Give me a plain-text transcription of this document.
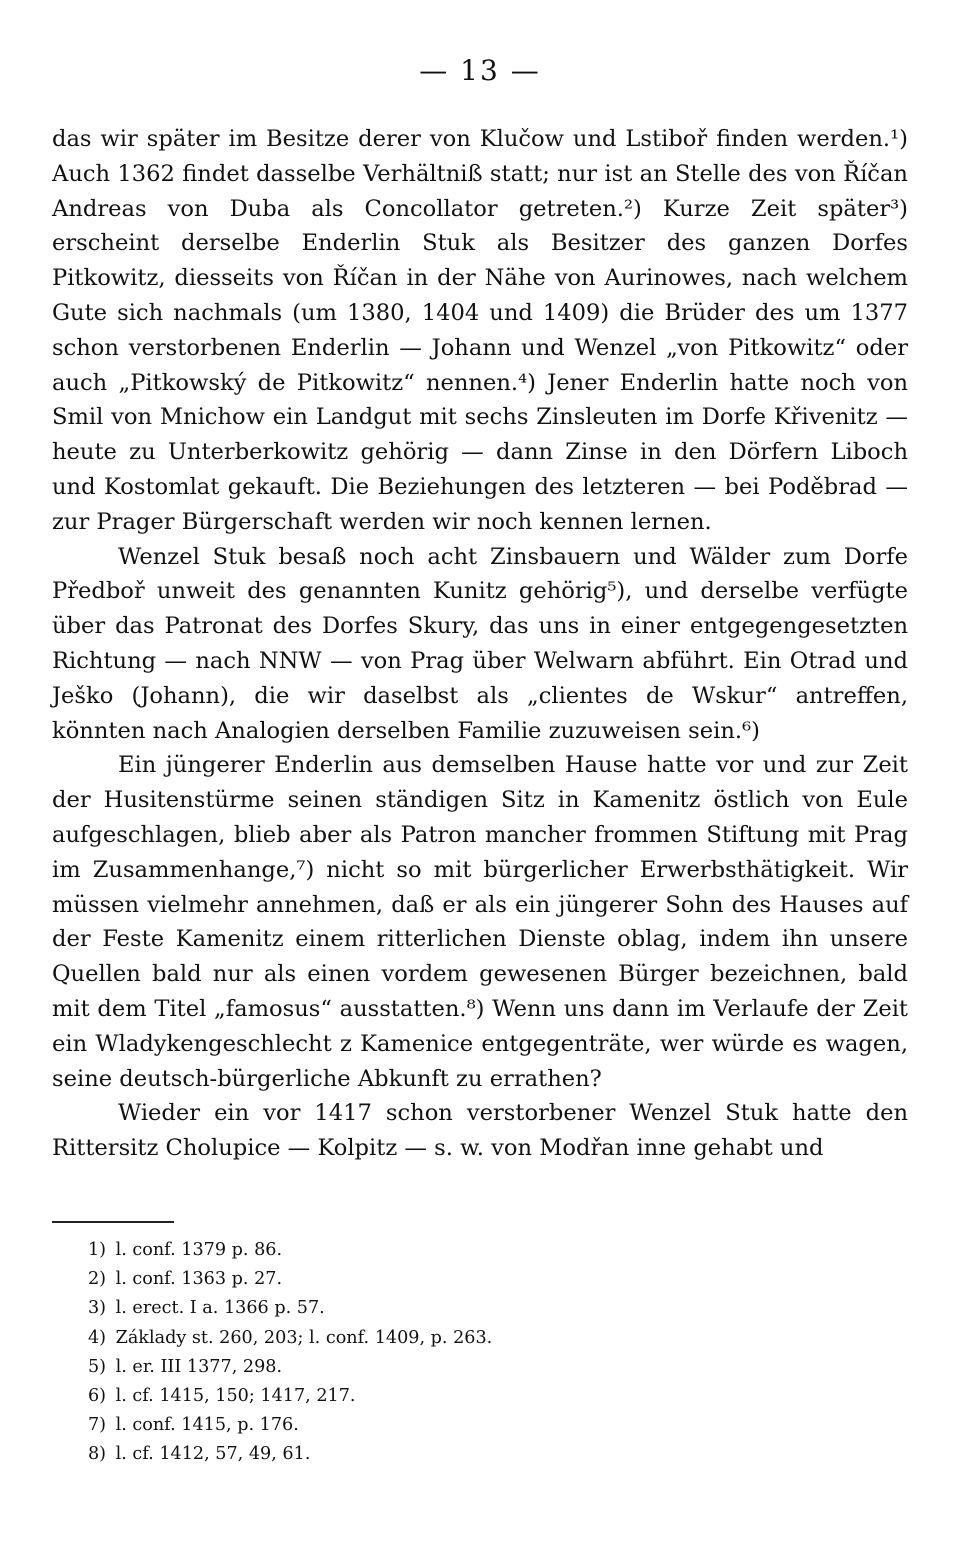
— 13 —

das wir später im Besitze derer von Klučow und Lstiboř finden werden.¹) Auch 1362 findet dasselbe Verhältniß statt; nur ist an Stelle des von Říčan Andreas von Duba als Concollator getreten.²) Kurze Zeit später³) erscheint derselbe Enderlin Stuk als Besitzer des ganzen Dorfes Pitkowitz, diesseits von Říčan in der Nähe von Aurinowes, nach welchem Gute sich nachmals (um 1380, 1404 und 1409) die Brüder des um 1377 schon verstorbenen Enderlin — Johann und Wenzel „von Pitkowitz“ oder auch „Pitkowský de Pitkowitz“ nennen.⁴) Jener Enderlin hatte noch von Smil von Mnichow ein Landgut mit sechs Zinsleuten im Dorfe Křivenitz — heute zu Unterberkowitz gehörig — dann Zinse in den Dörfern Liboch und Kostomlat gekauft. Die Beziehungen des letzteren — bei Poděbrad — zur Prager Bürgerschaft werden wir noch kennen lernen.

Wenzel Stuk besaß noch acht Zinsbauern und Wälder zum Dorfe Předboř unweit des genannten Kunitz gehörig⁵), und derselbe verfügte über das Patronat des Dorfes Skury, das uns in einer entgegengesetzten Richtung — nach NNW — von Prag über Welwarn abführt. Ein Otrad und Ješko (Johann), die wir daselbst als „clientes de Wskur“ antreffen, könnten nach Analogien derselben Familie zuzuweisen sein.⁶)

Ein jüngerer Enderlin aus demselben Hause hatte vor und zur Zeit der Husitenstürme seinen ständigen Sitz in Kamenitz östlich von Eule aufgeschlagen, blieb aber als Patron mancher frommen Stiftung mit Prag im Zusammenhange,⁷) nicht so mit bürgerlicher Erwerbsthätigkeit. Wir müssen vielmehr annehmen, daß er als ein jüngerer Sohn des Hauses auf der Feste Kamenitz einem ritterlichen Dienste oblag, indem ihn unsere Quellen bald nur als einen vordem gewesenen Bürger bezeichnen, bald mit dem Titel „famosus“ ausstatten.⁸) Wenn uns dann im Verlaufe der Zeit ein Wladykengeschlecht z Kamenice entgegenträte, wer würde es wagen, seine deutsch-bürgerliche Abkunft zu errathen?

Wieder ein vor 1417 schon verstorbener Wenzel Stuk hatte den Rittersitz Cholupice — Kolpitz — s. w. von Modřan inne gehabt und

1) l. conf. 1379 p. 86.
2) l. conf. 1363 p. 27.
3) l. erect. I a. 1366 p. 57.
4) Základy st. 260, 203; l. conf. 1409, p. 263.
5) l. er. III 1377, 298.
6) l. cf. 1415, 150; 1417, 217.
7) l. conf. 1415, p. 176.
8) l. cf. 1412, 57, 49, 61.
